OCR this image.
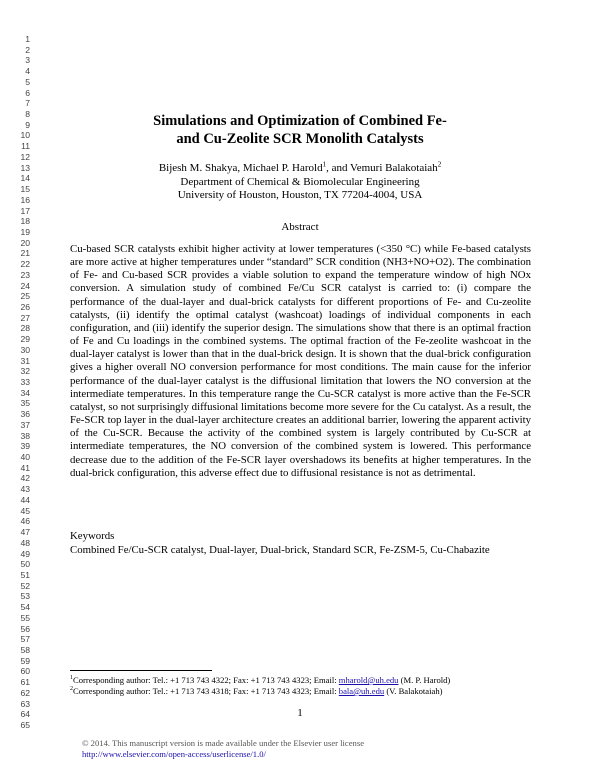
1
2
3
4
5
6
7
8
9
10
11
12
13
14
15
16
17
18
19
20
21
22
23
24
25
26
27
28
29
30
31
32
33
34
35
36
37
38
39
40
41
42
43
44
45
46
47
48
49
50
51
52
53
54
55
56
57
58
59
60
61
62
63
64
65
Simulations and Optimization of Combined Fe-
and Cu-Zeolite SCR Monolith Catalysts
Bijesh M. Shakya, Michael P. Harold$^1$, and Vemuri Balakotaiah$^2$
Department of Chemical & Biomolecular Engineering
University of Houston, Houston, TX 77204-4004, USA
Abstract

Cu-based SCR catalysts exhibit higher activity at lower temperatures (<350 °C) while Fe-based catalysts are more active at higher temperatures under “standard” SCR condition (NH3+NO+O2). The combination of Fe- and Cu-based SCR provides a viable solution to expand the temperature window of high NOx conversion. A simulation study of combined Fe/Cu SCR catalyst is carried to: (i) compare the performance of the dual-layer and dual-brick catalysts for different proportions of Fe- and Cu-zeolite catalysts, (ii) identify the optimal catalyst (washcoat) loadings of individual components in each configuration, and (iii) identify the superior design. The simulations show that there is an optimal fraction of Fe and Cu loadings in the combined systems. The optimal fraction of the Fe-zeolite washcoat in the dual-layer catalyst is lower than that in the dual-brick design. It is shown that the dual-brick configuration gives a higher overall NO conversion performance for most conditions. The main cause for the inferior performance of the dual-layer catalyst is the diffusional limitation that lowers the NO conversion at the intermediate temperatures. In this temperature range the Cu-SCR catalyst is more active than the Fe-SCR catalyst, so not surprisingly diffusional limitations become more severe for the Cu catalyst. As a result, the Fe-SCR top layer in the dual-layer architecture creates an additional barrier, lowering the apparent activity of the Cu-SCR. Because the activity of the combined system is largely contributed by Cu-SCR at intermediate temperatures, the NO conversion of the combined system is lowered. This performance decrease due to the addition of the Fe-SCR layer overshadows its benefits at higher temperatures. In the dual-brick configuration, this adverse effect due to diffusional resistance is not as detrimental.

Keywords
Combined Fe/Cu-SCR catalyst, Dual-layer, Dual-brick, Standard SCR, Fe-ZSM-5, Cu-Chabazite
$^1$Corresponding author: Tel.: +1 713 743 4322; Fax: +1 713 743 4323; Email: mharold@uh.edu (M. P. Harold)
$^2$Corresponding author: Tel.: +1 713 743 4318; Fax: +1 713 743 4323; Email: bala@uh.edu (V. Balakotaiah)
1
© 2014. This manuscript version is made available under the Elsevier user license
http://www.elsevier.com/open-access/userlicense/1.0/
